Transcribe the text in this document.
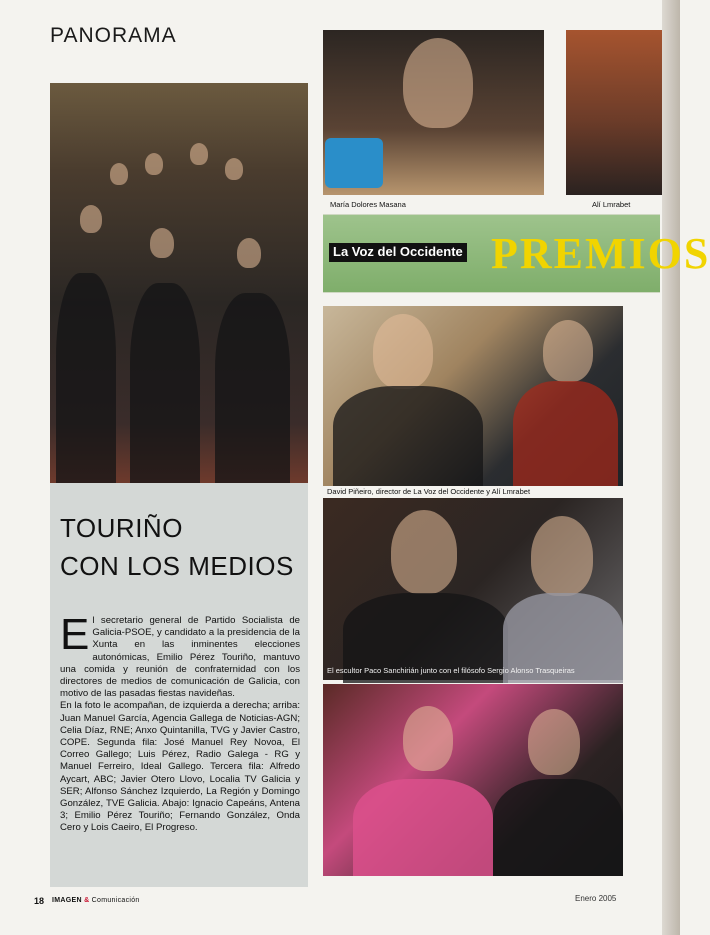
PANORAMA
María Dolores Masana	Alí Lmrabet
La Voz del Occidente PREMIOS
David Piñeiro, director de La Voz del Occidente y Alí Lmrabet
El escultor Paco Sanchirián junto con el filósofo Sergio Alonso Trasqueiras
TOURIÑO
CON LOS MEDIOS

El secretario general de Partido Socialista de Galicia-PSOE, y candidato a la presidencia de la Xunta en las inminentes elecciones autonómicas, Emilio Pérez Touriño, mantuvo una comida y reunión de confraternidad con los directores de medios de comunicación de Galicia, con motivo de las pasadas fiestas navideñas.

En la foto le acompañan, de izquierda a derecha; arriba: Juan Manuel García, Agencia Gallega de Noticias-AGN; Celia Díaz, RNE; Anxo Quintanilla, TVG y Javier Castro, COPE. Segunda fila: José Manuel Rey Novoa, El Correo Gallego; Luis Pérez, Radio Galega - RG y Manuel Ferreiro, Ideal Gallego. Tercera fila: Alfredo Aycart, ABC; Javier Otero Llovo, Localia TV Galicia y SER; Alfonso Sánchez Izquierdo, La Región y Domingo González, TVE Galicia. Abajo: Ignacio Capeáns, Antena 3; Emilio Pérez Touriño; Fernando González, Onda Cero y Lois Caeiro, El Progreso.

18 IMAGEN & Comunicación	Enero 2005
